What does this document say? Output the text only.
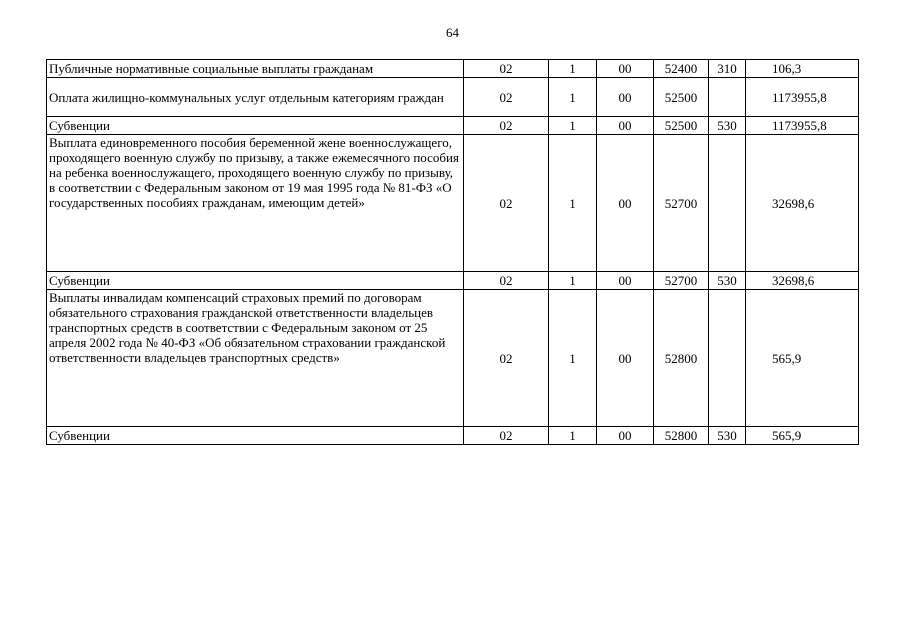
64
Публичные нормативные социальные выплаты гражданам	02	1	00	52400	310	106,3
Оплата жилищно-коммунальных услуг отдельным категориям граждан	02	1	00	52500		1173955,8
Субвенции	02	1	00	52500	530	1173955,8
Выплата единовременного пособия беременной жене военнослужащего, проходящего военную службу по призыву, а также ежемесячного пособия на ребенка военнослужащего, проходящего военную службу по призыву, в соответствии с Федеральным законом от 19 мая 1995 года № 81-ФЗ «О государственных пособиях гражданам, имеющим детей»	02	1	00	52700		32698,6
Субвенции	02	1	00	52700	530	32698,6
Выплаты инвалидам компенсаций страховых премий по договорам обязательного страхования гражданской ответственности владельцев транспортных средств в соответствии с Федеральным законом от 25 апреля 2002 года № 40-ФЗ «Об обязательном страховании гражданской ответственности владельцев транспортных средств»	02	1	00	52800		565,9
Субвенции	02	1	00	52800	530	565,9
